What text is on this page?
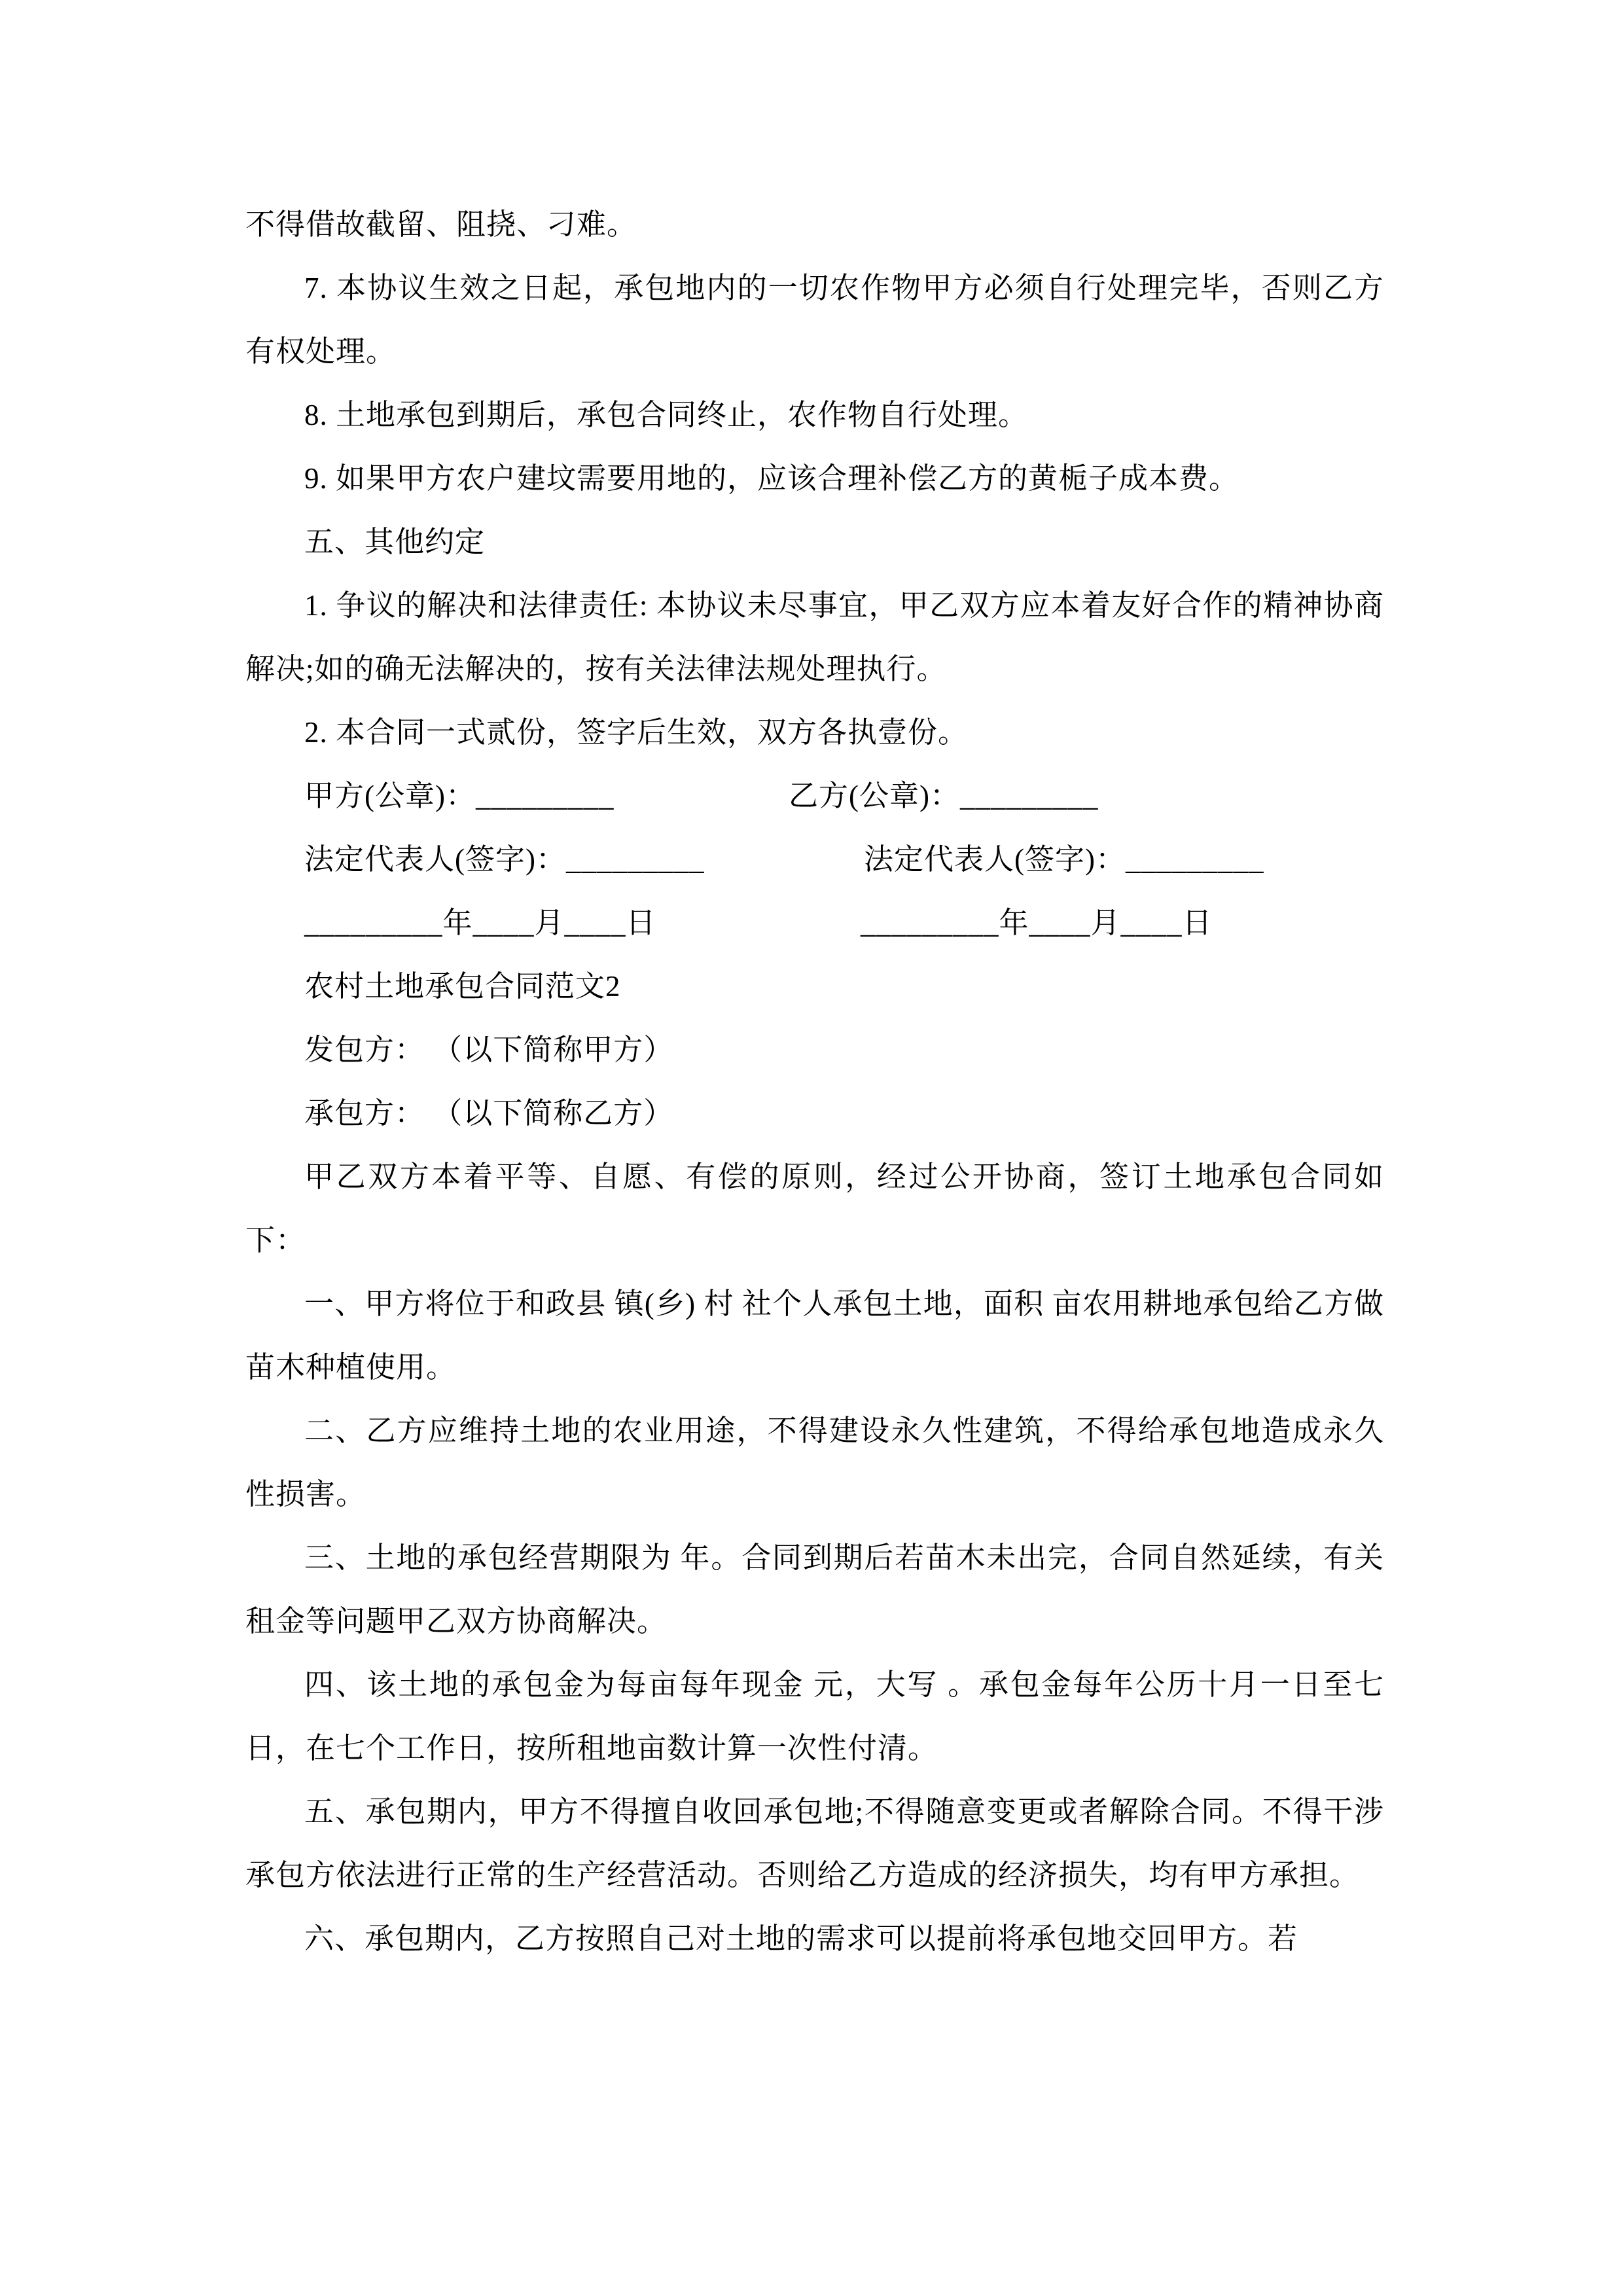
不得借故截留、阻挠、刁难。

7. 本协议生效之日起，承包地内的一切农作物甲方必须自行处理完毕，否则乙方有权处理。

8. 土地承包到期后，承包合同终止，农作物自行处理。

9. 如果甲方农户建坟需要用地的，应该合理补偿乙方的黄栀子成本费。

五、其他约定

1. 争议的解决和法律责任: 本协议未尽事宜，甲乙双方应本着友好合作的精神协商解决;如的确无法解决的，按有关法律法规处理执行。

2. 本合同一式贰份，签字后生效，双方各执壹份。

甲方(公章)：_________	乙方(公章)：_________
法定代表人(签字)：_________	法定代表人(签字)：_________
_________年____月____日	_________年____月____日

农村土地承包合同范文2

发包方： （以下简称甲方）

承包方： （以下简称乙方）

甲乙双方本着平等、自愿、有偿的原则，经过公开协商，签订土地承包合同如下：

一、甲方将位于和政县 镇(乡) 村 社个人承包土地，面积 亩农用耕地承包给乙方做苗木种植使用。

二、乙方应维持土地的农业用途，不得建设永久性建筑，不得给承包地造成永久性损害。

三、土地的承包经营期限为 年。合同到期后若苗木未出完，合同自然延续，有关租金等问题甲乙双方协商解决。

四、该土地的承包金为每亩每年现金 元，大写 。承包金每年公历十月一日至七日，在七个工作日，按所租地亩数计算一次性付清。

五、承包期内，甲方不得擅自收回承包地;不得随意变更或者解除合同。不得干涉承包方依法进行正常的生产经营活动。否则给乙方造成的经济损失，均有甲方承担。

六、承包期内，乙方按照自己对土地的需求可以提前将承包地交回甲方。若
